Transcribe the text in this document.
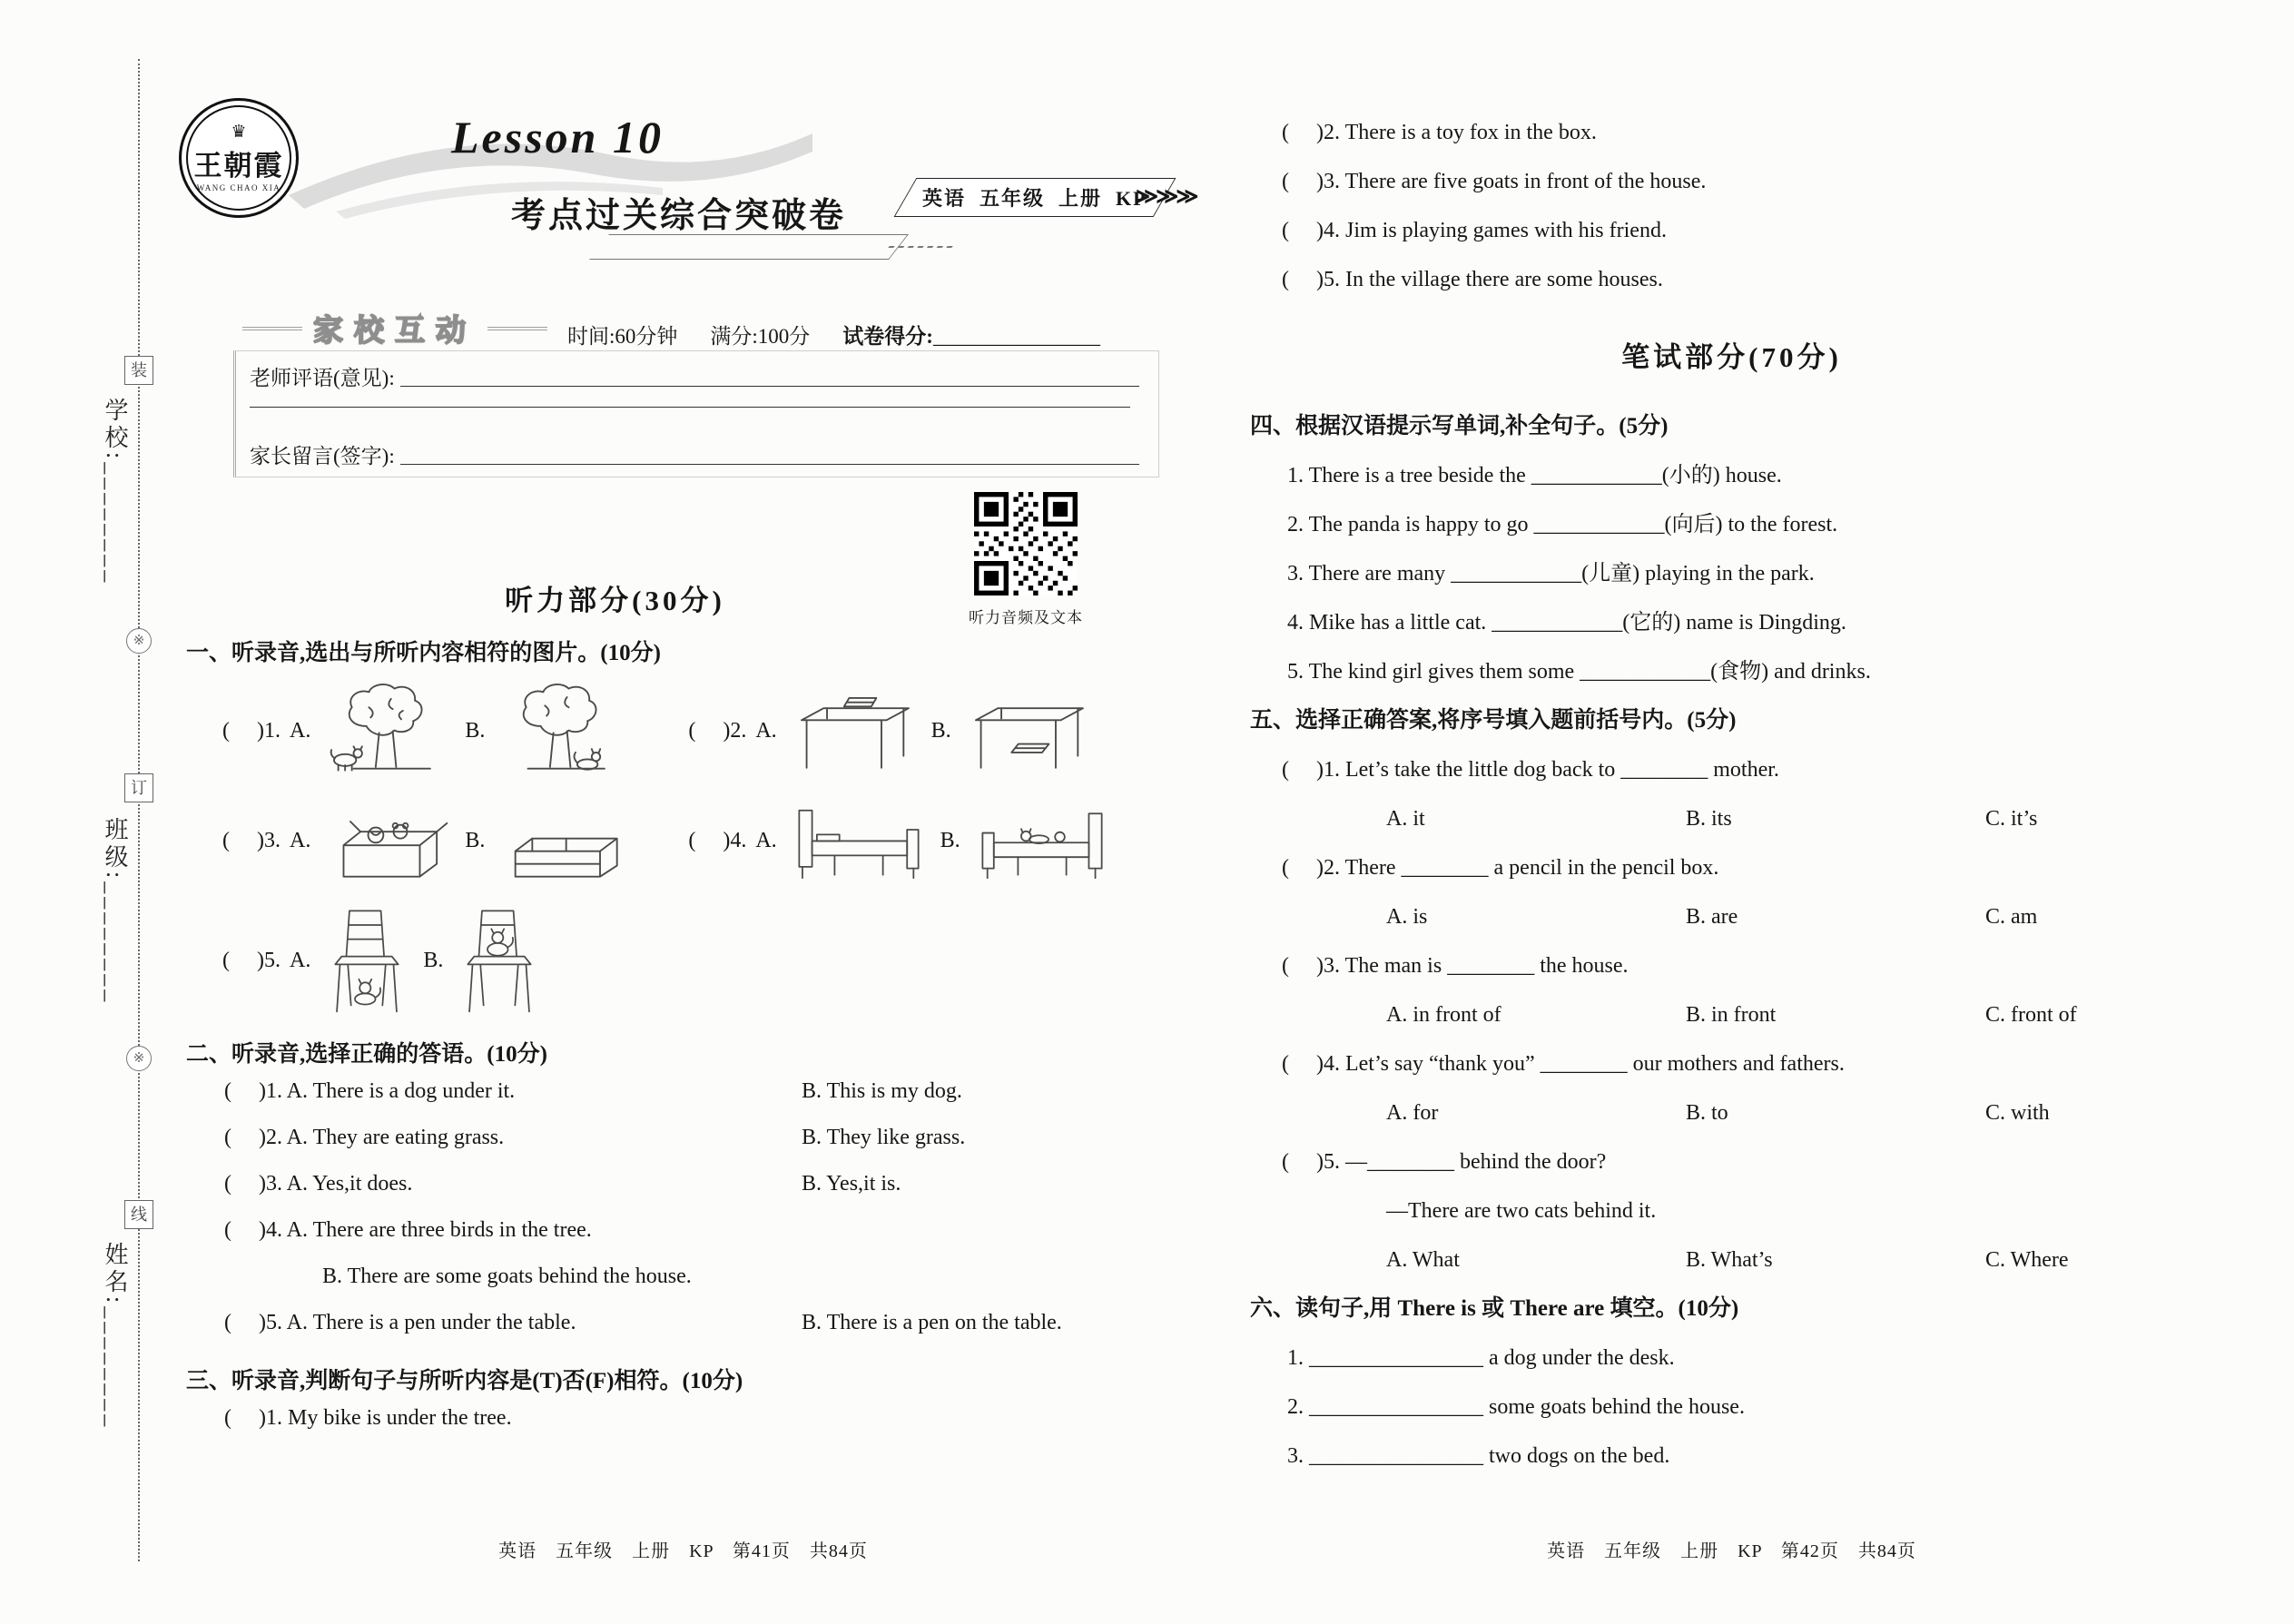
装
学校:________
※
订
班级:________
※
线
姓名:________
♛
王朝霞
WANG CHAO XIA
Lesson 10
考点过关综合突破卷	英语  五年级  上册  KP
≫≫≫
家校互动	时间:60分钟 满分:100分 试卷得分:________________
老师评语(意见):
家长留言(签字):
听力部分(30分)
听力音频及文本
一、听录音,选出与所听内容相符的图片。(10分)
(     )1. A.	B.	(     )2. A.	B.
(     )3. A.	B.	(     )4. A.	B.
(     )5. A.	B.
二、听录音,选择正确的答语。(10分)
(     )1. A. There is a dog under it.	B. This is my dog.
(     )2. A. They are eating grass.	B. They like grass.
(     )3. A. Yes,it does.	B. Yes,it is.
(     )4. A. There are three birds in the tree.
B. There are some goats behind the house.
(     )5. A. There is a pen under the table.	B. There is a pen on the table.
三、听录音,判断句子与所听内容是(T)否(F)相符。(10分)
(     )1. My bike is under the tree.
(     )2. There is a toy fox in the box.
(     )3. There are five goats in front of the house.
(     )4. Jim is playing games with his friend.
(     )5. In the village there are some houses.
笔试部分(70分)
四、根据汉语提示写单词,补全句子。(5分)
1. There is a tree beside the ____________(小的) house.
2. The panda is happy to go ____________(向后) to the forest.
3. There are many ____________(儿童) playing in the park.
4. Mike has a little cat. ____________(它的) name is Dingding.
5. The kind girl gives them some ____________(食物) and drinks.
五、选择正确答案,将序号填入题前括号内。(5分)
(     )1. Let’s take the little dog back to ________ mother.
A. it	B. its	C. it’s
(     )2. There ________ a pencil in the pencil box.
A. is	B. are	C. am
(     )3. The man is ________ the house.
A. in front of	B. in front	C. front of
(     )4. Let’s say “thank you” ________ our mothers and fathers.
A. for	B. to	C. with
(     )5. —________ behind the door?
—There are two cats behind it.
A. What	B. What’s	C. Where
六、读句子,用 There is 或 There are 填空。(10分)
1. ________________ a dog under the desk.
2. ________________ some goats behind the house.
3. ________________ two dogs on the bed.
英语　五年级　上册　KP　第41页　共84页	英语　五年级　上册　KP　第42页　共84页
